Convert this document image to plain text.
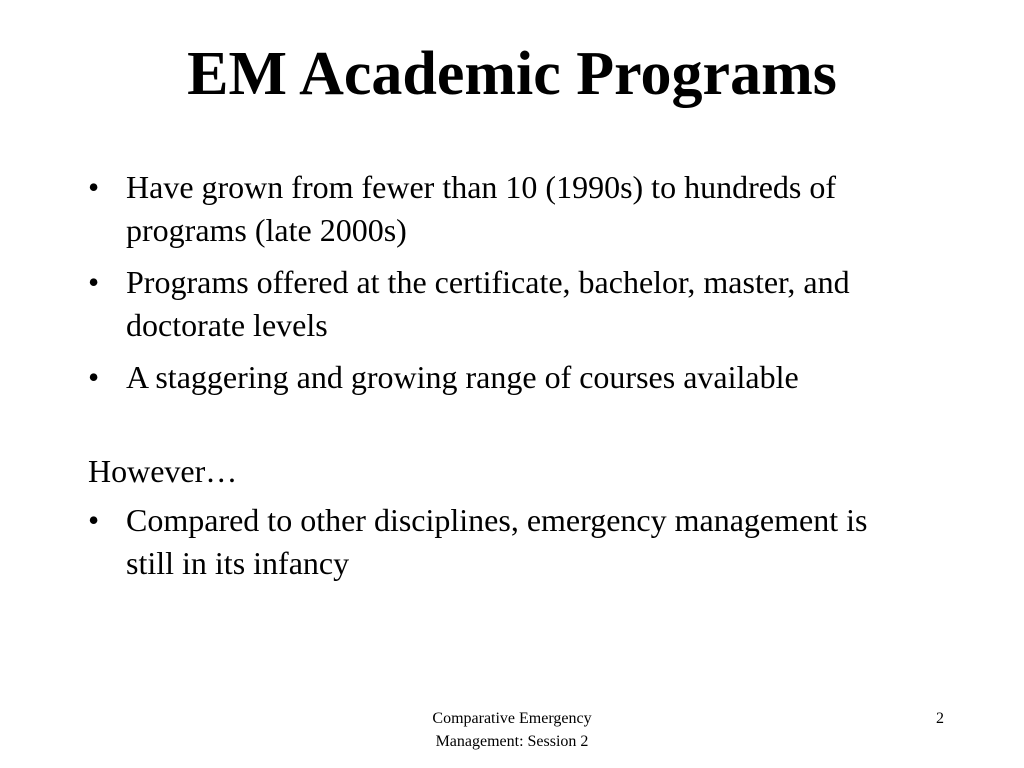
EM Academic Programs
• Have grown from fewer than 10 (1990s) to hundreds of programs (late 2000s)
• Programs offered at the certificate, bachelor, master, and doctorate levels
• A staggering and growing range of courses available

However…

• Compared to other disciplines, emergency management is still in its infancy
Comparative Emergency
Management: Session 2
2
